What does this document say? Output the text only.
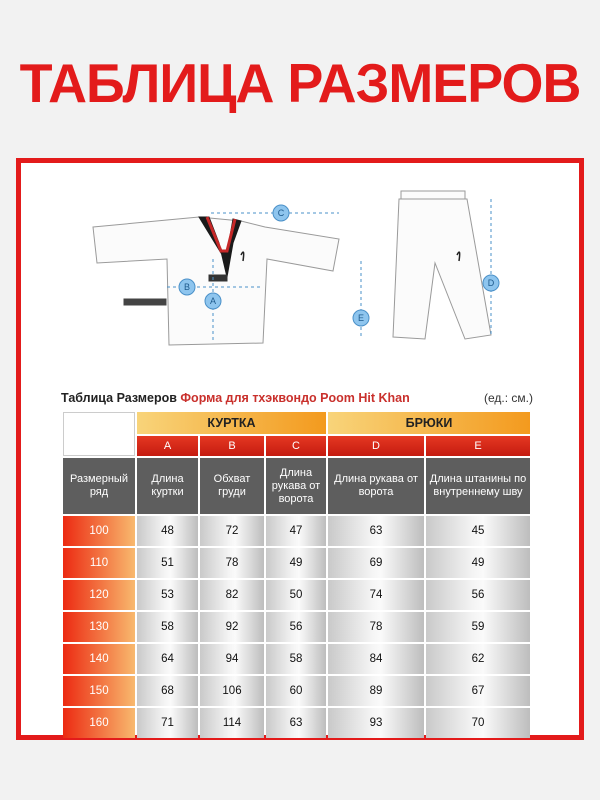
ТАБЛИЦА РАЗМЕРОВ
C
B
A
E
D
Таблица Размеров Форма для тхэквондо Poom Hit Khan	(ед.: см.)
	КУРТКА			БРЮКИ	
	A	B	C	D	E
Размерный ряд	Длина куртки	Обхват груди	Длина рукава от ворота	Длина рукава от ворота	Длина штанины по внутреннему шву
100	48	72	47	63	45
110	51	78	49	69	49
120	53	82	50	74	56
130	58	92	56	78	59
140	64	94	58	84	62
150	68	106	60	89	67
160	71	114	63	93	70
